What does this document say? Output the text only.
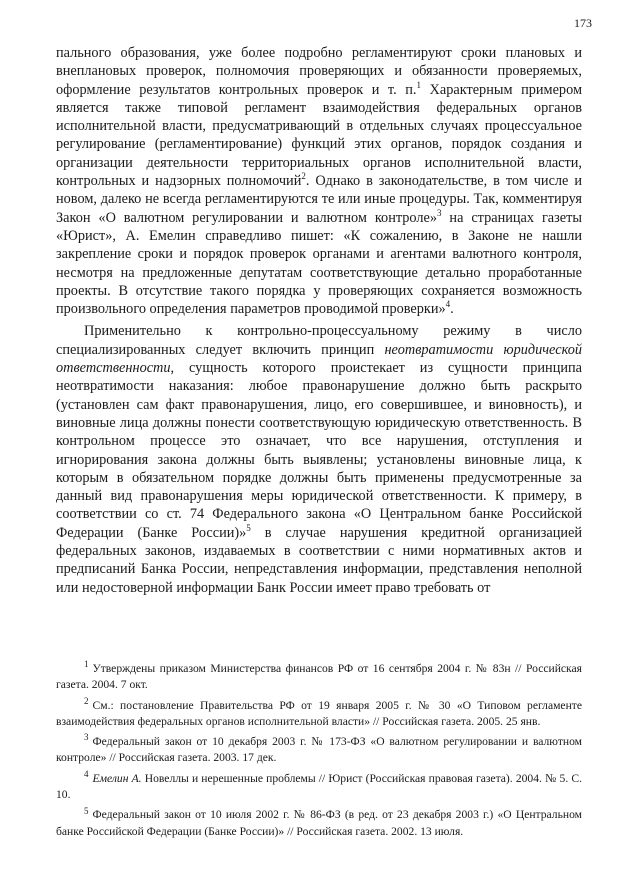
173

пального образования, уже более подробно регламентируют сроки плановых и внеплановых проверок, полномочия проверяющих и обязанности проверяемых, оформление результатов контрольных проверок и т. п.$^1$ Характерным примером является также типовой регламент взаимодействия федеральных органов исполнительной власти, предусматривающий в отдельных случаях процессуальное регулирование (регламентирование) функций этих органов, порядок создания и организации деятельности территориальных органов исполнительной власти, контрольных и надзорных полномочий$^2$. Однако в законодательстве, в том числе и новом, далеко не всегда регламентируются те или иные процедуры. Так, комментируя Закон «О валютном регулировании и валютном контроле»$^3$ на страницах газеты «Юрист», А. Емелин справедливо пишет: «К сожалению, в Законе не нашли закрепление сроки и порядок проверок органами и агентами валютного контроля, несмотря на предложенные депутатам соответствующие детально проработанные проекты. В отсутствие такого порядка у проверяющих сохраняется возможность произвольного определения параметров проводимой проверки»$^4$.

Применительно к контрольно-процессуальному режиму в число специализированных следует включить принцип неотвратимости юридической ответственности, сущность которого проистекает из сущности принципа неотвратимости наказания: любое правонарушение должно быть раскрыто (установлен сам факт правонарушения, лицо, его совершившее, и виновность), и виновные лица должны понести соответствующую юридическую ответственность. В контрольном процессе это означает, что все нарушения, отступления и игнорирования закона должны быть выявлены; установлены виновные лица, к которым в обязательном порядке должны быть применены предусмотренные за данный вид правонарушения меры юридической ответственности. К примеру, в соответствии со ст. 74 Федерального закона «О Центральном банке Российской Федерации (Банке России)»$^5$ в случае нарушения кредитной организацией федеральных законов, издаваемых в соответствии с ними нормативных актов и предписаний Банка России, непредставления информации, представления неполной или недостоверной информации Банк России имеет право требовать от

$^1$ Утверждены приказом Министерства финансов РФ от 16 сентября 2004 г. № 83н // Российская газета. 2004. 7 окт.

$^2$ См.: постановление Правительства РФ от 19 января 2005 г. № 30 «О Типовом регламенте взаимодействия федеральных органов исполнительной власти» // Российская газета. 2005. 25 янв.

$^3$ Федеральный закон от 10 декабря 2003 г. № 173-ФЗ «О валютном регулировании и валютном контроле» // Российская газета. 2003. 17 дек.

$^4$ Емелин А. Новеллы и нерешенные проблемы // Юрист (Российская правовая газета). 2004. № 5. С. 10.

$^5$ Федеральный закон от 10 июля 2002 г. № 86-ФЗ (в ред. от 23 декабря 2003 г.) «О Центральном банке Российской Федерации (Банке России)» // Российская газета. 2002. 13 июля.
